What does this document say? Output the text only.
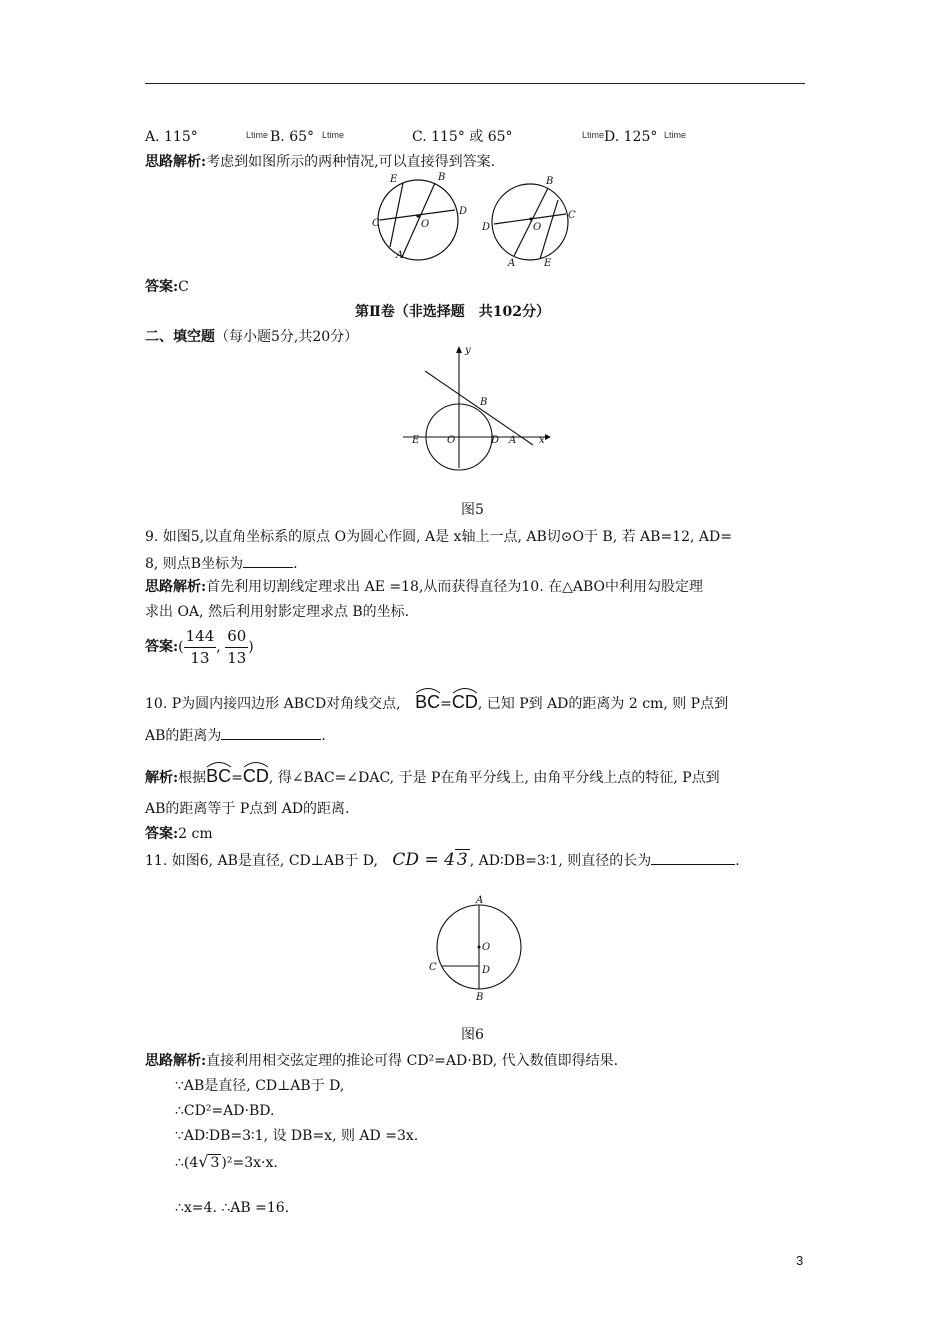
A. 115°	Ltime B. 65° Ltime	C. 115° 或 65°	Ltime D. 125° Ltime
思路解析:考虑到如图所示的两种情况,可以直接得到答案.
E	B
C	O
D
A
B
C
D	O
A	E
答案:C
第Ⅱ卷（非选择题　共102分）
二、填空题（每小题5分,共20分）
y
x
B
O
E	D A
图5
9. 如图5,以直角坐标系的原点 O为圆心作圆, A是 x轴上一点, AB切⊙O于 B, 若 AB=12, AD=
8, 则点B坐标为	.
思路解析:首先利用切割线定理求出 AE =18,从而获得直径为10. 在△ABO中利用勾股定理
求出 OA, 然后利用射影定理求点 B的坐标.
答案:( $\frac{144}{13}$ , $\frac{60}{13}$ )
10. P为圆内接四边形 ABCD对角线交点, BC=
CD, 已知 P到 AD的距离为 2 cm, 则 P点到
AB的距离为	.
解析:根据
BC=
CD, 得∠BAC=∠DAC, 于是 P在角平分线上, 由角平分线上点的特征, P点到
AB的距离等于 P点到 AD的距离.
答案:2 cm
11. 如图6, AB是直径, CD⊥AB于 D, CD = 4 3 , AD∶DB=3∶1, 则直径的长为	.
A
O
C	D
B
图6
思路解析:直接利用相交弦定理的推论可得 CD²=AD·BD, 代入数值即得结果.
∵AB是直径, CD⊥AB于 D,
∴CD²=AD·BD.
∵AD∶DB=3∶1, 设 DB=x, 则 AD =3x.
∴(4√ 3 )²=3x·x.
∴x=4. ∴AB =16.
3
